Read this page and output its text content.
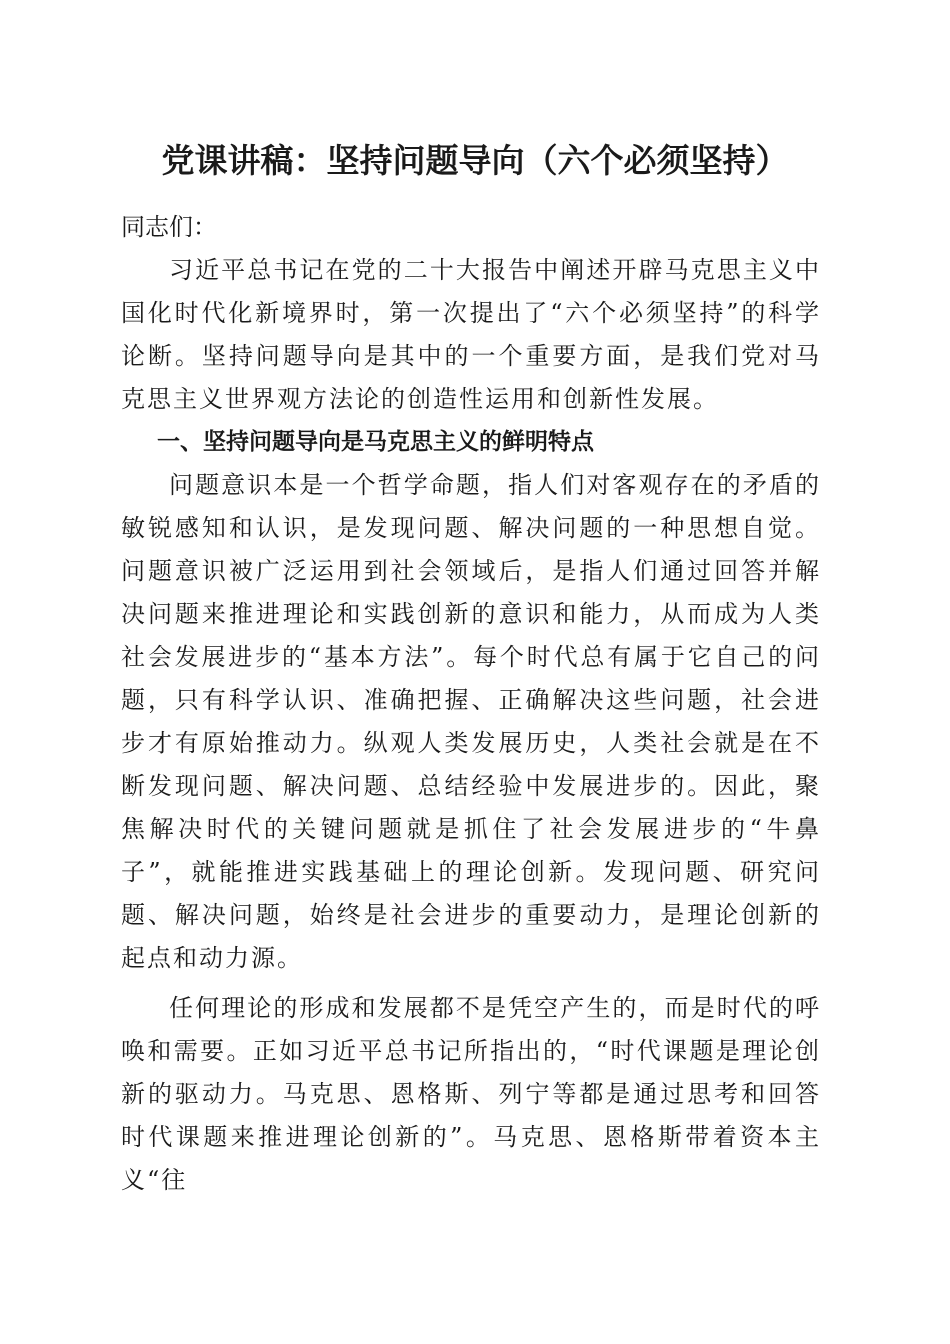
党课讲稿：坚持问题导向（六个必须坚持）
同志们：

习近平总书记在党的二十大报告中阐述开辟马克思主义中国化时代化新境界时，第一次提出了“六个必须坚持”的科学论断。坚持问题导向是其中的一个重要方面，是我们党对马克思主义世界观方法论的创造性运用和创新性发展。

一、坚持问题导向是马克思主义的鲜明特点

问题意识本是一个哲学命题，指人们对客观存在的矛盾的敏锐感知和认识，是发现问题、解决问题的一种思想自觉。问题意识被广泛运用到社会领域后，是指人们通过回答并解决问题来推进理论和实践创新的意识和能力，从而成为人类社会发展进步的“基本方法”。每个时代总有属于它自己的问题，只有科学认识、准确把握、正确解决这些问题，社会进步才有原始推动力。纵观人类发展历史，人类社会就是在不断发现问题、解决问题、总结经验中发展进步的。因此，聚焦解决时代的关键问题就是抓住了社会发展进步的“牛鼻子”，就能推进实践基础上的理论创新。发现问题、研究问题、解决问题，始终是社会进步的重要动力，是理论创新的起点和动力源。

任何理论的形成和发展都不是凭空产生的，而是时代的呼唤和需要。正如习近平总书记所指出的，“时代课题是理论创新的驱动力。马克思、恩格斯、列宁等都是通过思考和回答时代课题来推进理论创新的”。马克思、恩格斯带着资本主义“往
